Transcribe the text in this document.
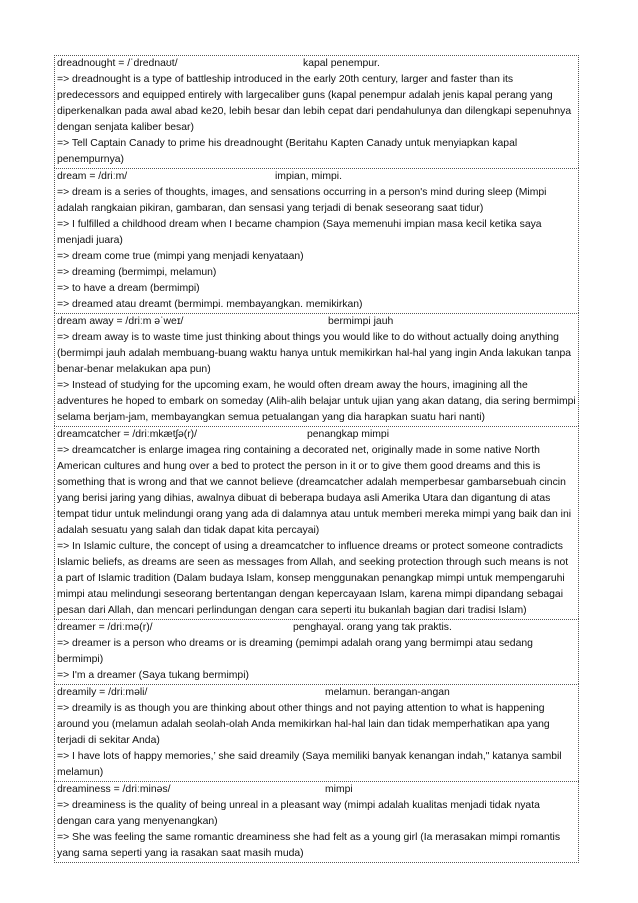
dreadnought = /ˈdrednaʊt/	kapal penempur.

=> dreadnought is a type of battleship introduced in the early 20th century, larger and faster than its predecessors and equipped entirely with largecaliber guns (kapal penempur adalah jenis kapal perang yang diperkenalkan pada awal abad ke20, lebih besar dan lebih cepat dari pendahulunya dan dilengkapi sepenuhnya dengan senjata kaliber besar)

=> Tell Captain Canady to prime his dreadnought (Beritahu Kapten Canady untuk menyiapkan kapal penempurnya)

dream = /driːm/	impian, mimpi.

=> dream is a series of thoughts, images, and sensations occurring in a person's mind during sleep (Mimpi adalah rangkaian pikiran, gambaran, dan sensasi yang terjadi di benak seseorang saat tidur)

=> I fulfilled a childhood dream when I became champion (Saya memenuhi impian masa kecil ketika saya menjadi juara)

=> dream come true (mimpi yang menjadi kenyataan)

=> dreaming (bermimpi, melamun)

=> to have a dream (bermimpi)

=> dreamed atau dreamt (bermimpi. membayangkan. memikirkan)

dream away = /driːm əˈweɪ/	bermimpi jauh

=> dream away is to waste time just thinking about things you would like to do without actually doing anything (bermimpi jauh adalah membuang-buang waktu hanya untuk memikirkan hal-hal yang ingin Anda lakukan tanpa benar-benar melakukan apa pun)

=> Instead of studying for the upcoming exam, he would often dream away the hours, imagining all the adventures he hoped to embark on someday (Alih-alih belajar untuk ujian yang akan datang, dia sering bermimpi selama berjam-jam, membayangkan semua petualangan yang dia harapkan suatu hari nanti)

dreamcatcher = /driːmkætʃə(r)/	penangkap mimpi

=> dreamcatcher is enlarge imagea ring containing a decorated net, originally made in some native North American cultures and hung over a bed to protect the person in it or to give them good dreams and this is something that is wrong and that we cannot believe (dreamcatcher adalah memperbesar gambarsebuah cincin yang berisi jaring yang dihias, awalnya dibuat di beberapa budaya asli Amerika Utara dan digantung di atas tempat tidur untuk melindungi orang yang ada di dalamnya atau untuk memberi mereka mimpi yang baik dan ini adalah sesuatu yang salah dan tidak dapat kita percayai)

=> In Islamic culture, the concept of using a dreamcatcher to influence dreams or protect someone contradicts Islamic beliefs, as dreams are seen as messages from Allah, and seeking protection through such means is not a part of Islamic tradition (Dalam budaya Islam, konsep menggunakan penangkap mimpi untuk mempengaruhi mimpi atau melindungi seseorang bertentangan dengan kepercayaan Islam, karena mimpi dipandang sebagai pesan dari Allah, dan mencari perlindungan dengan cara seperti itu bukanlah bagian dari tradisi Islam)

dreamer = /driːmə(r)/	penghayal. orang yang tak praktis.

=> dreamer is a person who dreams or is dreaming (pemimpi adalah orang yang bermimpi atau sedang bermimpi)

=> I'm a dreamer (Saya tukang bermimpi)

dreamily = /driːməli/	melamun. berangan-angan

=> dreamily is as though you are thinking about other things and not paying attention to what is happening around you (melamun adalah seolah-olah Anda memikirkan hal-hal lain dan tidak memperhatikan apa yang terjadi di sekitar Anda)

=> I have lots of happy memories,’ she said dreamily (Saya memiliki banyak kenangan indah," katanya sambil melamun)

dreaminess = /driːminəs/	mimpi

=> dreaminess is the quality of being unreal in a pleasant way (mimpi adalah kualitas menjadi tidak nyata dengan cara yang menyenangkan)

=> She was feeling the same romantic dreaminess she had felt as a young girl (Ia merasakan mimpi romantis yang sama seperti yang ia rasakan saat masih muda)
